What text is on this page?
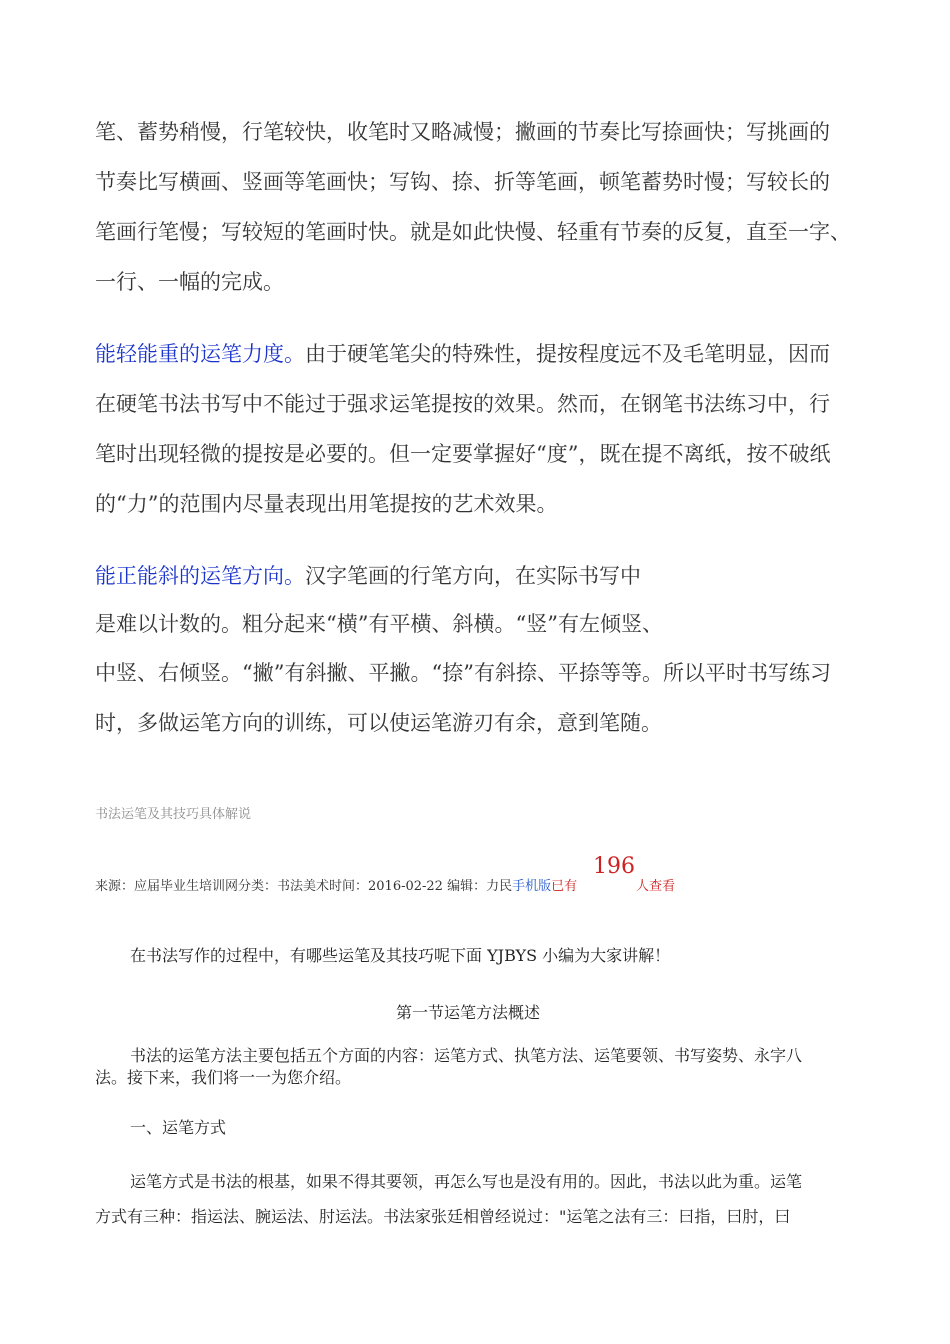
笔、蓄势稍慢，行笔较快，收笔时又略减慢；撇画的节奏比写捺画快；写挑画的
节奏比写横画、竖画等笔画快；写钩、捺、折等笔画，顿笔蓄势时慢；写较长的
笔画行笔慢；写较短的笔画时快。就是如此快慢、轻重有节奏的反复，直至一字、
一行、一幅的完成。
能轻能重的运笔力度。由于硬笔笔尖的特殊性，提按程度远不及毛笔明显，因而
在硬笔书法书写中不能过于强求运笔提按的效果。然而，在钢笔书法练习中，行
笔时出现轻微的提按是必要的。但一定要掌握好“度”，既在提不离纸，按不破纸
的“力”的范围内尽量表现出用笔提按的艺术效果。
能正能斜的运笔方向。汉字笔画的行笔方向，在实际书写中
是难以计数的。粗分起来“横”有平横、斜横。“竖”有左倾竖、
中竖、右倾竖。“撇”有斜撇、平撇。“捺”有斜捺、平捺等等。所以平时书写练习
时，多做运笔方向的训练，可以使运笔游刃有余，意到笔随。
书法运笔及其技巧具体解说
196
来源：应届毕业生培训网分类：书法美术时间：2016-02-22 编辑：力民手机版已有	人查看
在书法写作的过程中，有哪些运笔及其技巧呢下面 YJBYS 小编为大家讲解！
第一节运笔方法概述
书法的运笔方法主要包括五个方面的内容：运笔方式、执笔方法、运笔要领、书写姿势、永字八
法。接下来，我们将一一为您介绍。
一、运笔方式
运笔方式是书法的根基，如果不得其要领，再怎么写也是没有用的。因此，书法以此为重。运笔
方式有三种：指运法、腕运法、肘运法。书法家张廷相曾经说过："运笔之法有三：曰指，曰肘，曰
